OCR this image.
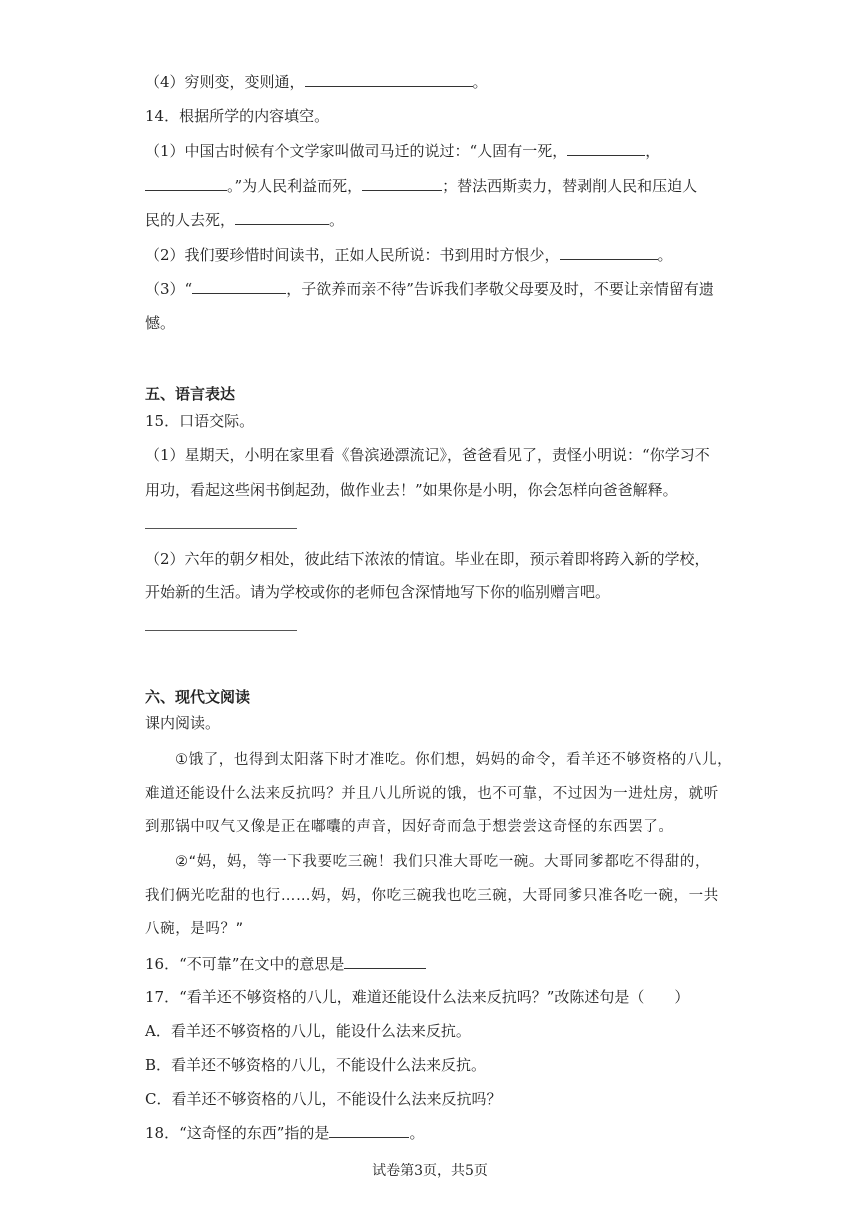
（4）穷则变，变则通，	。
14．根据所学的内容填空。
（1）中国古时候有个文学家叫做司马迁的说过：“人固有一死，	，
。”为人民利益而死，	；替法西斯卖力，替剥削人民和压迫人
民的人去死，	。
（2）我们要珍惜时间读书，正如人民所说：书到用时方恨少，	。
（3）“	，子欲养而亲不待”告诉我们孝敬父母要及时，不要让亲情留有遗
憾。
五、语言表达
15．口语交际。
（1）星期天，小明在家里看《鲁滨逊漂流记》，爸爸看见了，责怪小明说：“你学习不
用功，看起这些闲书倒起劲，做作业去！”如果你是小明，你会怎样向爸爸解释。
（2）六年的朝夕相处，彼此结下浓浓的情谊。毕业在即，预示着即将跨入新的学校，
开始新的生活。请为学校或你的老师包含深情地写下你的临别赠言吧。
六、现代文阅读
课内阅读。
①饿了，也得到太阳落下时才准吃。你们想，妈妈的命令，看羊还不够资格的八儿，
难道还能设什么法来反抗吗？并且八儿所说的饿，也不可靠，不过因为一进灶房，就听
到那锅中叹气又像是正在嘟囔的声音，因好奇而急于想尝尝这奇怪的东西罢了。
②“妈，妈，等一下我要吃三碗！我们只准大哥吃一碗。大哥同爹都吃不得甜的，
我们俩光吃甜的也行……妈，妈，你吃三碗我也吃三碗，大哥同爹只准各吃一碗，一共
八碗，是吗？”
16．“不可靠”在文中的意思是
17．“看羊还不够资格的八儿，难道还能设什么法来反抗吗？”改陈述句是（　　）
A．看羊还不够资格的八儿，能设什么法来反抗。
B．看羊还不够资格的八儿，不能设什么法来反抗。
C．看羊还不够资格的八儿，不能设什么法来反抗吗？
18．“这奇怪的东西”指的是	。
试卷第3页，共5页
